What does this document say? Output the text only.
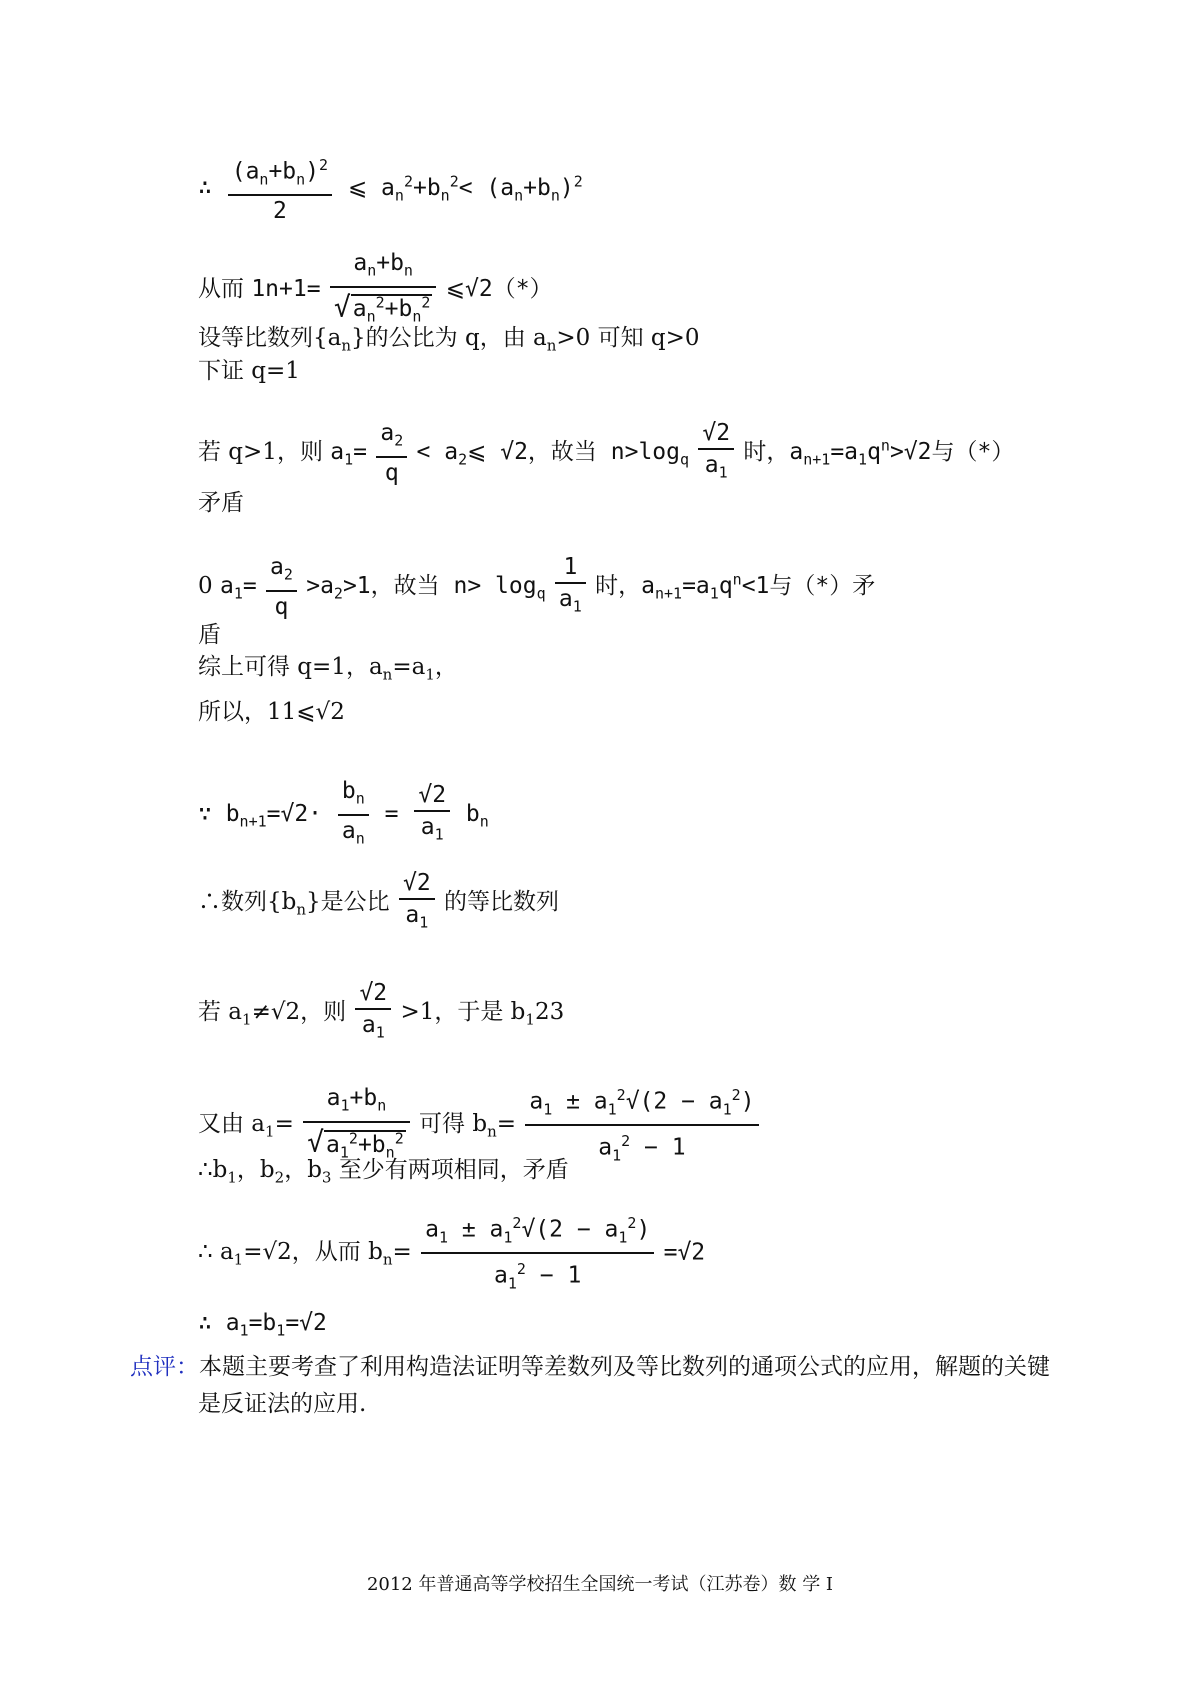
∴ $\frac{(a_n+b_n)^2}{2}$ ⩽ $a_n^2+b_n^2< (a_n+b_n)^2$
从而 $1n+1= \frac{a_n+b_n}{√a_n^2+b_n^2}$ ⩽√2（*）
设等比数列$\{a_n\}$的公比为 q，由 $a_n>0$ 可知 q>0
下证 q=1
若 q>1，则 $a_1= \frac{a_2}{q}$ < $a_2⩽$ √2，故当 $n>\log_q \frac{√2}{a_1}$ 时，$a_{n+1}=a_1q^n>√2$与（*）
矛盾
0 $a_1= \frac{a_2}{q} >a_2>1$，故当 $n> \log_q \frac{1}{a_1}$ 时，$a_{n+1}=a_1q^n<1$与（*）矛
盾
综上可得 q=1，$a_n=a_1$，
所以，11⩽√2
∵ $b_{n+1}=√2\cdot \frac{b_n}{a_n} = \frac{√2}{a_1} b_n$
∴数列$\{b_n\}$是公比 $\frac{√2}{a_1}$ 的等比数列
若 $a_1\ne√2$，则 $\frac{√2}{a_1} >1$，于是 $b_123$
又由 $a_1= \frac{a_1+b_n}{√a_1^2+b_n^2}$ 可得 $b_n= \frac{a_1 \pm a_1^2√(2 - a_1^2)}{a_1^2 - 1}$
$\therefore b_1$，$b_2$，$b_3$ 至少有两项相同，矛盾
∴ $a_1=√2$，从而 $b_n= \frac{a_1 \pm a_1^2√(2 - a_1^2)}{a_1^2 - 1} =√2$
∴ $a_1=b_1=√2$
点评：本题主要考查了利用构造法证明等差数列及等比数列的通项公式的应用，解题的关键
是反证法的应用.
2012 年普通高等学校招生全国统一考试（江苏卷）数 学 I
